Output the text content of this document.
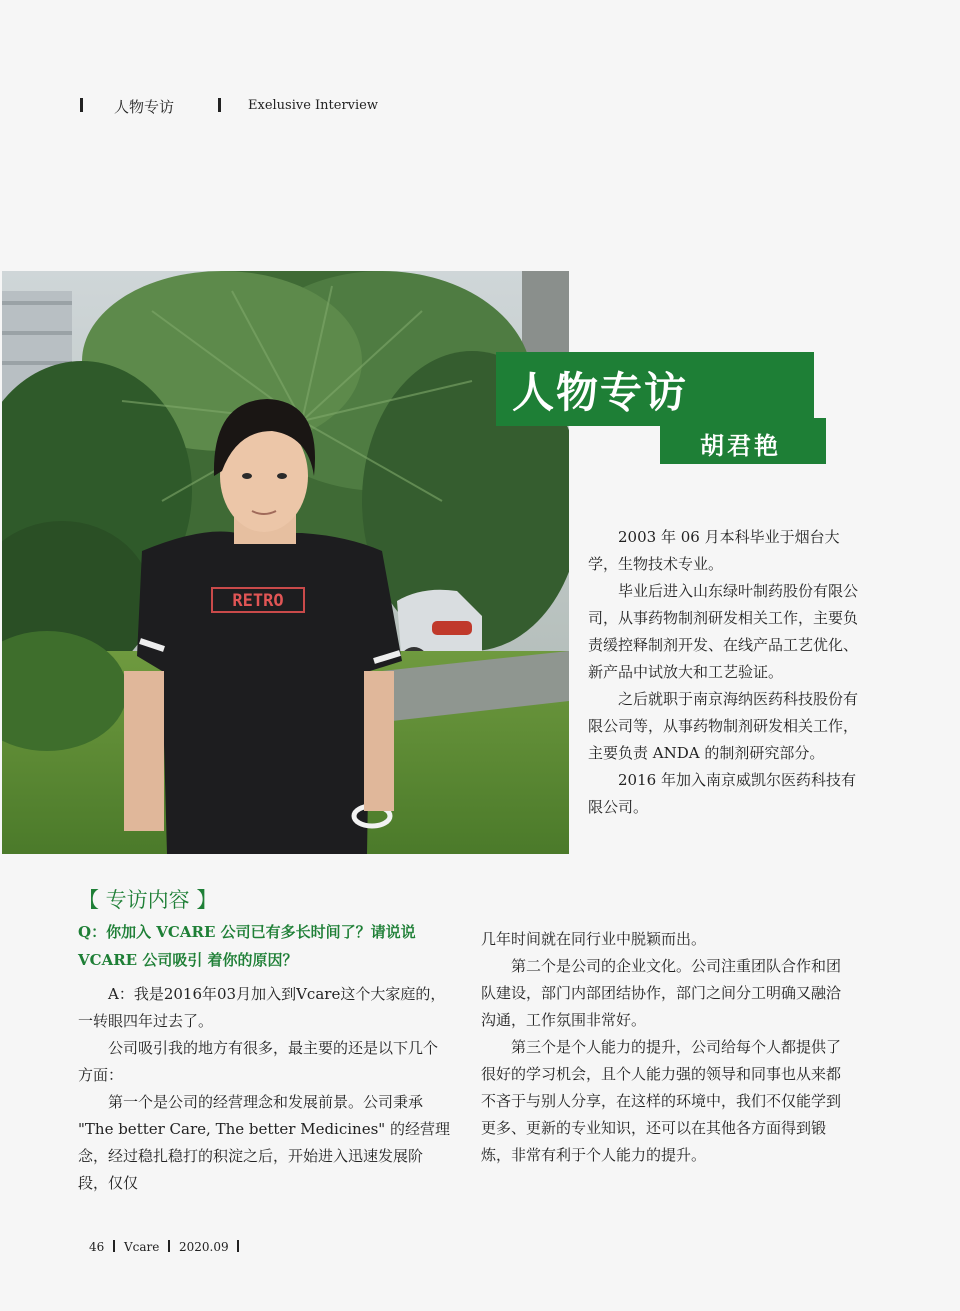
人物专访	Exelusive Interview
RETRO
人物专访
胡君艳

2003 年 06 月本科毕业于烟台大学，生物技术专业。

毕业后进入山东绿叶制药股份有限公司，从事药物制剂研发相关工作，主要负责缓控释制剂开发、在线产品工艺优化、新产品中试放大和工艺验证。

之后就职于南京海纳医药科技股份有限公司等，从事药物制剂研发相关工作，主要负责 ANDA 的制剂研究部分。

2016 年加入南京威凯尔医药科技有限公司。

【 专访内容 】
Q：你加入 VCARE 公司已有多长时间了？请说说 VCARE 公司吸引 着你的原因？

A：我是2016年03月加入到Vcare这个大家庭的，一转眼四年过去了。

公司吸引我的地方有很多，最主要的还是以下几个方面：

第一个是公司的经营理念和发展前景。公司秉承 "The better Care, The better Medicines" 的经营理念，经过稳扎稳打的积淀之后，开始进入迅速发展阶段，仅仅

几年时间就在同行业中脱颖而出。

第二个是公司的企业文化。公司注重团队合作和团队建设，部门内部团结协作，部门之间分工明确又融洽沟通，工作氛围非常好。

第三个是个人能力的提升，公司给每个人都提供了很好的学习机会，且个人能力强的领导和同事也从来都不吝于与别人分享，在这样的环境中，我们不仅能学到更多、更新的专业知识，还可以在其他各方面得到锻炼，非常有利于个人能力的提升。

46 Vcare 2020.09
